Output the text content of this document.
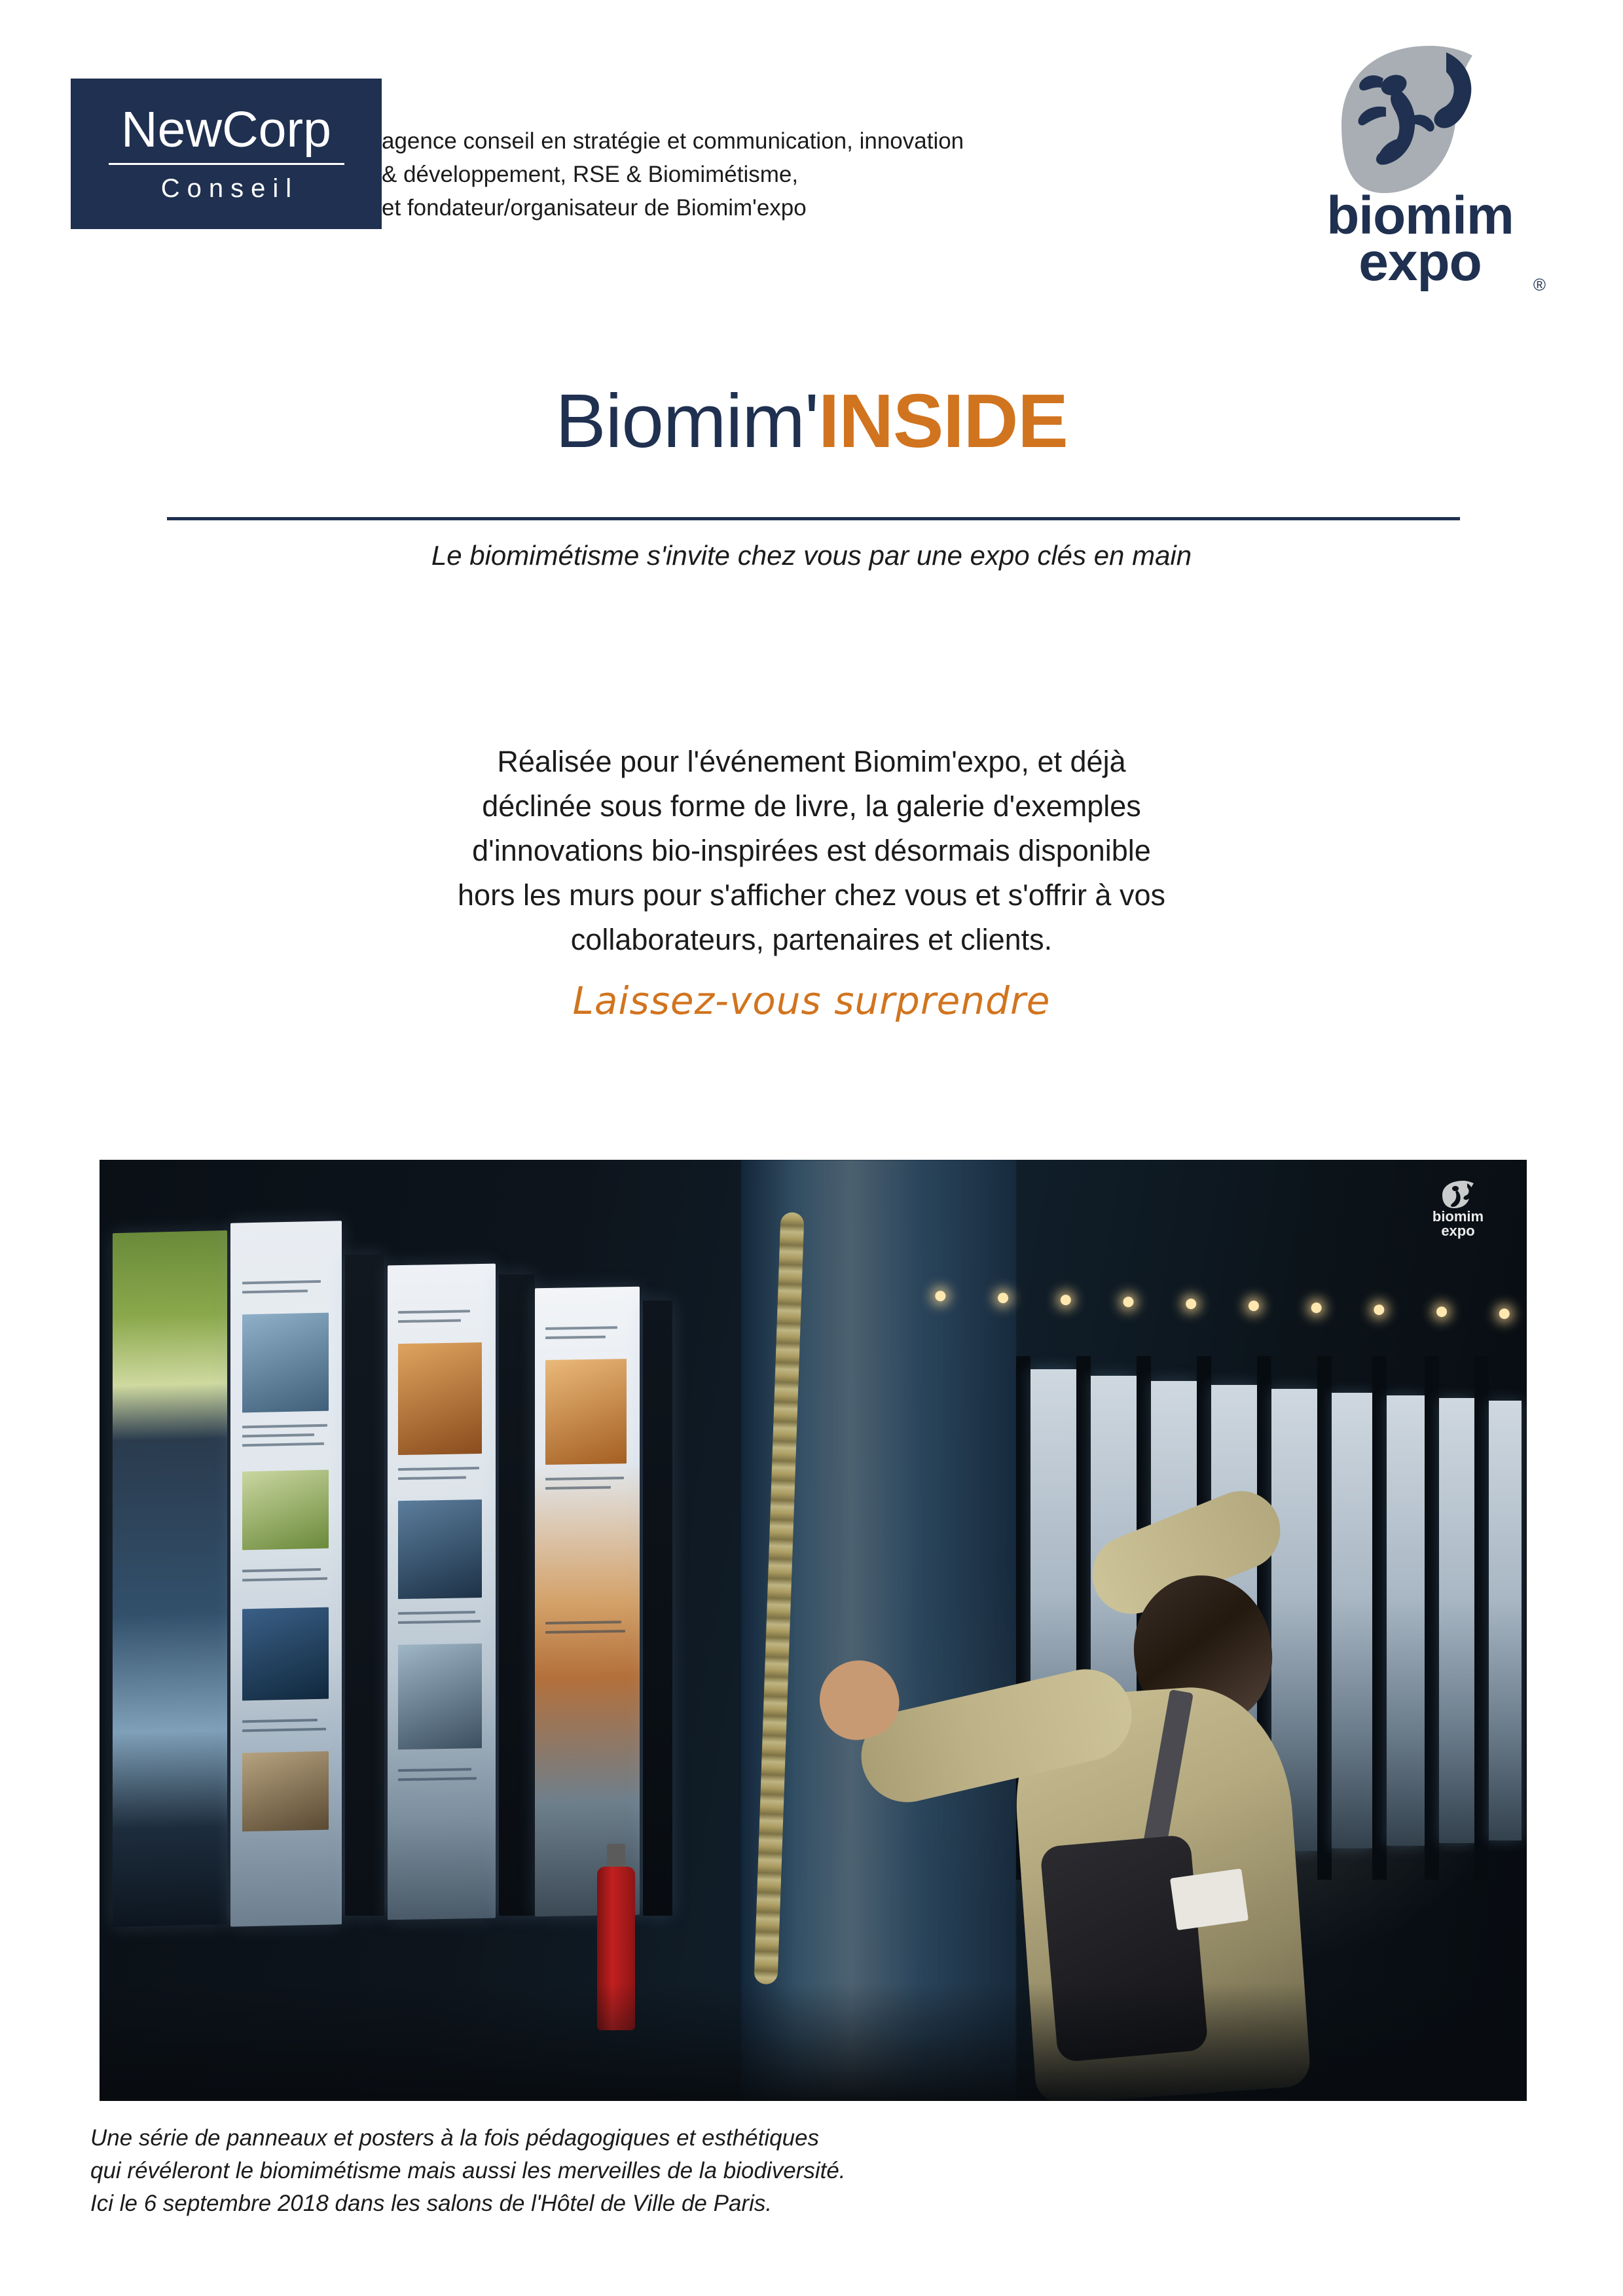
NewCorp
Conseil
agence conseil en stratégie et communication, innovation
& développement, RSE & Biomimétisme,
et fondateur/organisateur de Biomim'expo	biomim
expo	®
Biomim'INSIDE
Le biomimétisme s'invite chez vous par une expo clés en main

Réalisée pour l'événement Biomim'expo, et déjà

déclinée sous forme de livre, la galerie d'exemples

d'innovations bio-inspirées est désormais disponible

hors les murs pour s'afficher chez vous et s'offrir à vos

collaborateurs, partenaires et clients.

Laissez-vous surprendre
biomim
expo
Une série de panneaux et posters à la fois pédagogiques et esthétiques
qui révéleront le biomimétisme mais aussi les merveilles de la biodiversité.
Ici le 6 septembre 2018 dans les salons de l'Hôtel de Ville de Paris.
